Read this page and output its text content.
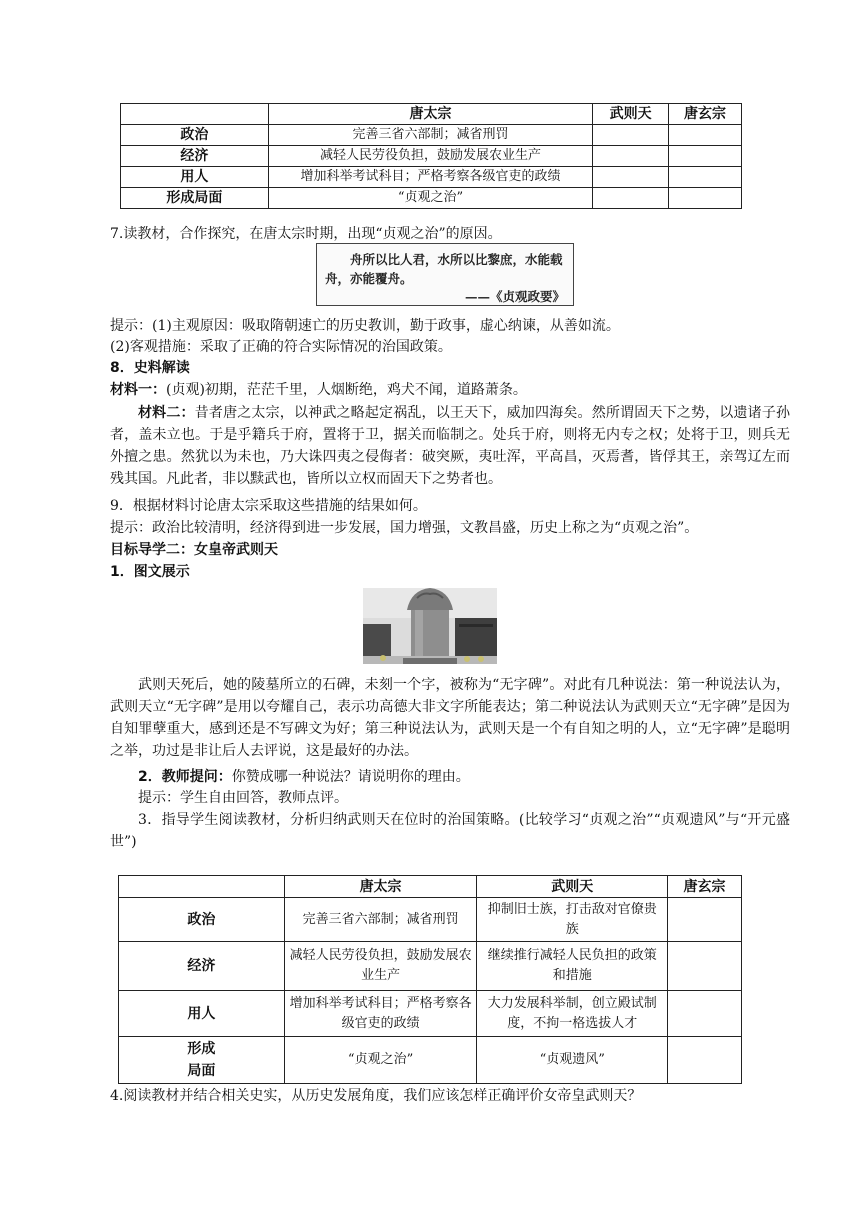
	唐太宗	武则天	唐玄宗
政治	完善三省六部制；减省刑罚		
经济	减轻人民劳役负担，鼓励发展农业生产		
用人	增加科举考试科目；严格考察各级官吏的政绩		
形成局面	“贞观之治”		
7.读教材，合作探究，在唐太宗时期，出现“贞观之治”的原因。
舟所以比人君，水所以比黎庶，水能载舟，亦能覆舟。
——《贞观政要》
提示：(1)主观原因：吸取隋朝速亡的历史教训，勤于政事，虚心纳谏，从善如流。
(2)客观措施：采取了正确的符合实际情况的治国政策。
8．史料解读
材料一：(贞观)初期，茫茫千里，人烟断绝，鸡犬不闻，道路萧条。
材料二：昔者唐之太宗，以神武之略起定祸乱，以王天下，威加四海矣。然所谓固天下之势，以遗诸子孙者，盖未立也。于是乎籍兵于府，置将于卫，据关而临制之。处兵于府，则将无内专之权；处将于卫，则兵无外擅之患。然犹以为未也，乃大诛四夷之侵侮者：破突厥，夷吐浑，平高昌，灭焉耆，皆俘其王，亲驾辽左而残其国。凡此者，非以黩武也，皆所以立权而固天下之势者也。
9．根据材料讨论唐太宗采取这些措施的结果如何。
提示：政治比较清明，经济得到进一步发展，国力增强，文教昌盛，历史上称之为“贞观之治”。
目标导学二：女皇帝武则天
1．图文展示
武则天死后，她的陵墓所立的石碑，未刻一个字，被称为“无字碑”。对此有几种说法：第一种说法认为，武则天立“无字碑”是用以夸耀自己，表示功高德大非文字所能表达；第二种说法认为武则天立“无字碑”是因为自知罪孽重大，感到还是不写碑文为好；第三种说法认为，武则天是一个有自知之明的人，立“无字碑”是聪明之举，功过是非让后人去评说，这是最好的办法。
2．教师提问：你赞成哪一种说法？请说明你的理由。
提示：学生自由回答，教师点评。
3．指导学生阅读教材，分析归纳武则天在位时的治国策略。(比较学习“贞观之治”“贞观遗风”与“开元盛世”)
	唐太宗	武则天	唐玄宗
政治	完善三省六部制；减省刑罚	抑制旧士族，打击敌对官僚贵族	
经济	减轻人民劳役负担，鼓励发展农业生产	继续推行减轻人民负担的政策和措施	
用人	增加科举考试科目；严格考察各级官吏的政绩	大力发展科举制，创立殿试制度，不拘一格选拔人才	

形成局面	“贞观之治”	“贞观遗风”	
4.阅读教材并结合相关史实，从历史发展角度，我们应该怎样正确评价女帝皇武则天？
